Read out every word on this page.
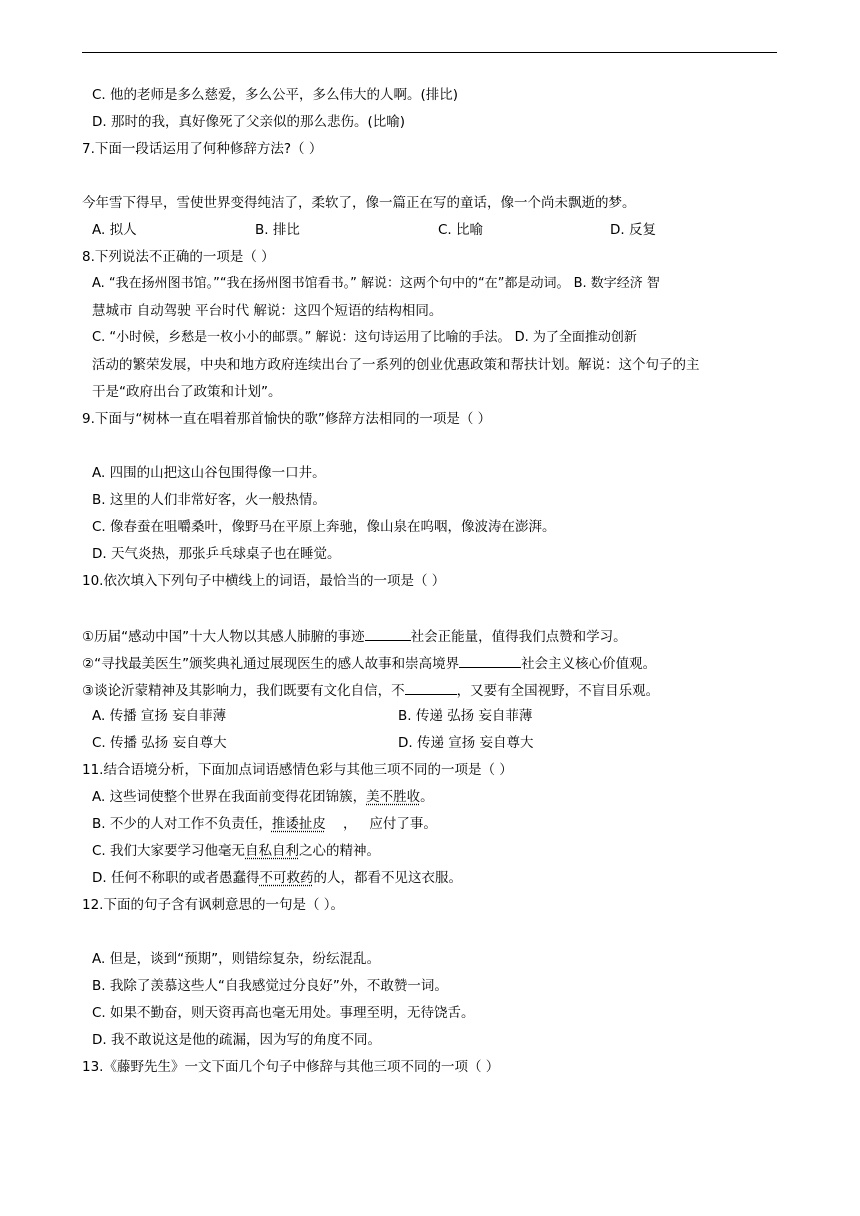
C. 他的老师是多么慈爱，多么公平，多么伟大的人啊。(排比)
D. 那时的我，真好像死了父亲似的那么悲伤。(比喻)
7.下面一段话运用了何种修辞方法?（ ）
今年雪下得早，雪使世界变得纯洁了，柔软了，像一篇正在写的童话，像一个尚未飘逝的梦。
A. 拟人	B. 排比	C. 比喻	D. 反复
8.下列说法不正确的一项是（ ）
A. “我在扬州图书馆。”“我在扬州图书馆看书。” 解说：这两个句中的“在”都是动词。 B. 数字经济 智
慧城市 自动驾驶 平台时代 解说：这四个短语的结构相同。
C. “小时候，乡愁是一枚小小的邮票。” 解说：这句诗运用了比喻的手法。 D. 为了全面推动创新
活动的繁荣发展，中央和地方政府连续出台了一系列的创业优惠政策和帮扶计划。解说：这个句子的主
干是“政府出台了政策和计划”。
9.下面与“树林一直在唱着那首愉快的歌”修辞方法相同的一项是（ ）
A. 四围的山把这山谷包围得像一口井。
B. 这里的人们非常好客，火一般热情。
C. 像春蚕在咀嚼桑叶，像野马在平原上奔驰，像山泉在呜咽，像波涛在澎湃。
D. 天气炎热，那张乒乓球桌子也在睡觉。
10.依次填入下列句子中横线上的词语，最恰当的一项是（ ）
①历届“感动中国”十大人物以其感人肺腑的事迹	社会正能量，值得我们点赞和学习。
②“寻找最美医生”颁奖典礼通过展现医生的感人故事和崇高境界	社会主义核心价值观。
③谈论沂蒙精神及其影响力，我们既要有文化自信，不	，又要有全国视野，不盲目乐观。
A. 传播 宣扬 妄自菲薄	B. 传递 弘扬 妄自菲薄
C. 传播 弘扬 妄自尊大	D. 传递 宣扬 妄自尊大
11.结合语境分析，下面加点词语感情色彩与其他三项不同的一项是（ ）
A. 这些词使整个世界在我面前变得花团锦簇，美不胜收。
B. 不少的人对工作不负责任，推诿扯皮    ，   应付了事。
C. 我们大家要学习他毫无自私自利之心的精神。
D. 任何不称职的或者愚蠢得不可救药的人，都看不见这衣服。
12.下面的句子含有讽刺意思的一句是（ ）。
A. 但是，谈到“预期”，则错综复杂，纷纭混乱。
B. 我除了羡慕这些人“自我感觉过分良好”外，不敢赞一词。
C. 如果不勤奋，则天资再高也毫无用处。事理至明，无待饶舌。
D. 我不敢说这是他的疏漏，因为写的角度不同。
13.《藤野先生》一文下面几个句子中修辞与其他三项不同的一项（ ）
